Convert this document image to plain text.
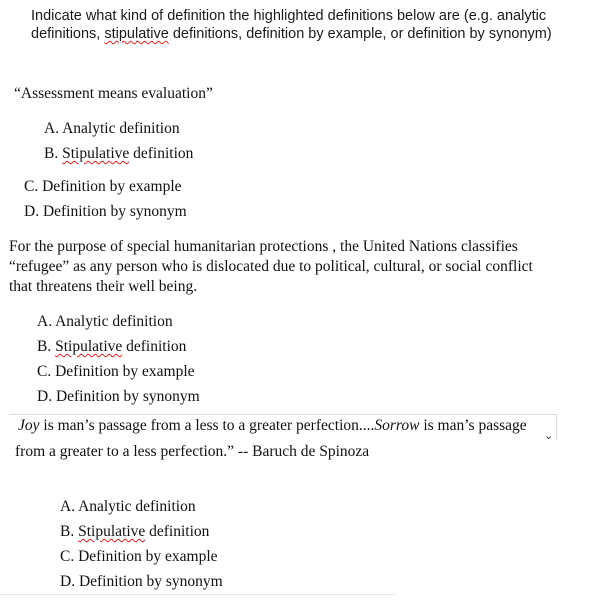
Indicate what kind of definition the highlighted definitions below are (e.g. analytic
definitions, stipulative definitions, definition by example, or definition by synonym)
“Assessment means evaluation”
A. Analytic definition
B. Stipulative definition
C. Definition by example
D. Definition by synonym
For the purpose of special humanitarian protections , the United Nations classifies
“refugee” as any person who is dislocated due to political, cultural, or social conflict
that threatens their well being.
A. Analytic definition
B. Stipulative definition
C. Definition by example
D. Definition by synonym
Joy is man’s passage from a less to a greater perfection....Sorrow is man’s passage
⌄
from a greater to a less perfection.” -- Baruch de Spinoza
A. Analytic definition
B. Stipulative definition
C. Definition by example
D. Definition by synonym
